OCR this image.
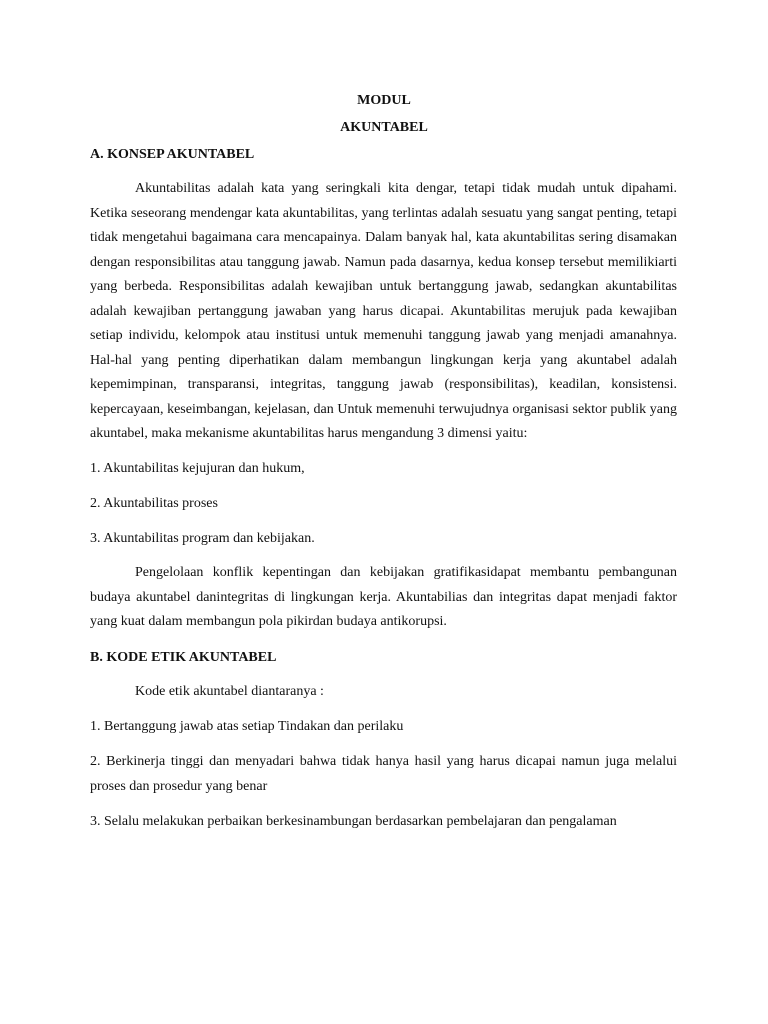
MODUL
AKUNTABEL
A. KONSEP AKUNTABEL

Akuntabilitas adalah kata yang seringkali kita dengar, tetapi tidak mudah untuk dipahami. Ketika seseorang mendengar kata akuntabilitas, yang terlintas adalah sesuatu yang sangat penting, tetapi tidak mengetahui bagaimana cara mencapainya. Dalam banyak hal, kata akuntabilitas sering disamakan dengan responsibilitas atau tanggung jawab. Namun pada dasarnya, kedua konsep tersebut memilikiarti yang berbeda. Responsibilitas adalah kewajiban untuk bertanggung jawab, sedangkan akuntabilitas adalah kewajiban pertanggung jawaban yang harus dicapai. Akuntabilitas merujuk pada kewajiban setiap individu, kelompok atau institusi untuk memenuhi tanggung jawab yang menjadi amanahnya. Hal-hal yang penting diperhatikan dalam membangun lingkungan kerja yang akuntabel adalah kepemimpinan, transparansi, integritas, tanggung jawab (responsibilitas), keadilan, konsistensi. kepercayaan, keseimbangan, kejelasan, dan Untuk memenuhi terwujudnya organisasi sektor publik yang akuntabel, maka mekanisme akuntabilitas harus mengandung 3 dimensi yaitu:

1. Akuntabilitas kejujuran dan hukum,

2. Akuntabilitas proses

3. Akuntabilitas program dan kebijakan.

Pengelolaan konflik kepentingan dan kebijakan gratifikasidapat membantu pembangunan budaya akuntabel danintegritas di lingkungan kerja. Akuntabilias dan integritas dapat menjadi faktor yang kuat dalam membangun pola pikirdan budaya antikorupsi.

B. KODE ETIK AKUNTABEL

Kode etik akuntabel diantaranya :

1. Bertanggung jawab atas setiap Tindakan dan perilaku

2. Berkinerja tinggi dan menyadari bahwa tidak hanya hasil yang harus dicapai namun juga melalui proses dan prosedur yang benar

3. Selalu melakukan perbaikan berkesinambungan berdasarkan pembelajaran dan pengalaman
